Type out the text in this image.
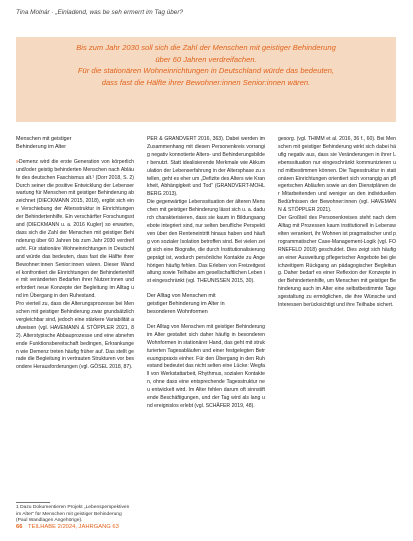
Tina Molnár · „Einladend, was be seh ermerrt im Tag über?

Bis zum Jahr 2030 soll sich die Zahl der Menschen mit geistiger Behinderung

über 60 Jahren verdreifachen.

Für die stationären Wohneinrichtungen in Deutschland würde das bedeuten,

dass fast die Hälfte ihrer Bewohner:innen Senior:innen wären.

Menschen mit geistiger
Behinderung im Alter

»Demenz wird die erste Generation von körperlich und/oder geistig behinderten Menschen nach Abläufe des deutschen Faschismus alt.¹ (Dorr 2018, S. 2) Durch seiner die positive Entwicklung der Lebenserwartung für Menschen mit geistiger Behinderung abzeichnet (DIECKMANN 2015, 2018), ergibt sich eine Verschiebung der Altersstruktur in Einrichtungen der Behindertenhilfe. Ein verschärfter Forschungsstand (DIECKMANN u. a. 2016 Kugler) so erwarten, dass sich die Zahl der Menschen mit geistiger Behinderung über 60 Jahren bis zum Jahr 2030 verdreifacht. Für stationäre Wohneinrichtungen in Deutschland würde das bedeuten, dass fast die Hälfte ihrer Bewohner:innen Senior:innen wären. Dieser Wandel konfrontiert die Einrichtungen der Behindertenhilfe mit veränderten Bedarfen ihrer Nutzer:innen und erfordert neue Konzepte der Begleitung im Alltag und im Übergang in den Ruhestand.

Pro vierteil zu, dass die Alterungsprozesse bei Menschen mit geistiger Behinderung zwar grundsätzlich vergleichbar sind, jedoch eine stärkere Variabilität aufweisen (vgl. HAVEMANN & STÖPPLER 2021, 82). Alterstypische Abbauprozesse und eine abnehmende Funktionsbereitschaft bedingen, Erkrankungen wie Demenz treten häufig früher auf. Das stellt gerade die Begleitung in vertrauten Strukturen vor besondere Herausforderungen (vgl. GÖSEL 2018, 87).

PER & GRANDVERT 2016, 363). Dabei werden im Zusammenhang mit diesen Personenkreis vorrangig negativ konnotierte Alters- und Behinderungsbilder benutzt. Statt idealisierende Merkmale wie Akkumulation der Lebenserfahrung in der Altersphase zu stellen, geht es eher um „Defizite des Alters wie Krankheit, Abhängigkeit und Tod“ (GRANDVERT-MOHLBERG 2013).

Die gegenwärtige Lebenssituation der älteren Menschen mit geistiger Behinderung lässt sich u. a. dadurch charakterisieren, dass sie kaum in Bildungsangebote integriert sind, nur selten berufliche Perspektiven über den Renteneintritt hinaus haben und häufig von sozialer Isolation betroffen sind. Bei vielen zeigt sich eine Biografie, die durch Institutionalisierung geprägt ist, wodurch persönliche Kontakte zu Angehörigen häufig fehlen. Das Erleben von Freizeitgestaltung sowie Teilhabe am gesellschaftlichen Leben ist eingeschränkt (vgl. THEUNISSEN 2015, 30).

Der Alltag von Menschen mit
geistiger Behinderung im Alter in
besonderen Wohnformen

Der Alltag von Menschen mit geistiger Behinderung im Alter gestaltet sich daher häufig in besonderen Wohnformen in stationärer Hand, das geht mit strukturierten Tagesabläufen und einer festgelegten Betreuungspraxis einher. Für den Übergang in den Ruhestand bedeutet das nicht selten eine Lücke: Wegfall von Werkstattarbeit, Rhythmus, sozialen Kontakten, ohne dass eine entsprechende Tagesstruktur neu entwickelt wird. Im Alter fehlen darum oft sinnstiftende Beschäftigungen, und der Tag wird als lang und ereignislos erlebt (vgl. SCHÄFER 2019, 48).

gesorg. (vgl. THIMM et al. 2016, 36 f., 60). Bei Menschen mit geistiger Behinderung wirkt sich dabei häufig negativ aus, dass sie Veränderungen in ihrer Lebenssituation nur eingeschränkt kommunizieren und mitbestimmen können. Die Tagesstruktur in stationären Einrichtungen orientiert sich vorrangig an pflegerischen Abläufen sowie an den Dienstplänen der Mitarbeitenden und weniger an den individuellen Bedürfnissen der Bewohner:innen (vgl. HAVEMANN & STÖPPLER 2021).

Der Großteil des Personenkreises steht nach dem Alltag mit Prozessen kaum institutionell in Lebenswelten verankert, ihr Wohnen ist pragmatischer und programmatischer Case-Management-Logik (vgl. FORNEFELD 2018) geschuldet. Dies zeigt sich häufig an einer Ausweitung pflegerischer Angebote bei gleichzeitigem Rückgang an pädagogischer Begleitung. Daher bedarf es einer Reflexion der Konzepte in der Behindertenhilfe, um Menschen mit geistiger Behinderung auch im Alter eine selbstbestimmte Tagesgestaltung zu ermöglichen, die ihre Wünsche und Interessen berücksichtigt und ihre Teilhabe sichert.

1 Dazu Dokumentieren Projekt „Lebensperspektiven im Alter“ für Menschen mit geistiger Behinderung (Paul Wandlagen Angehörige).
66 TEILHABE 2/2024, JAHRGANG 63
